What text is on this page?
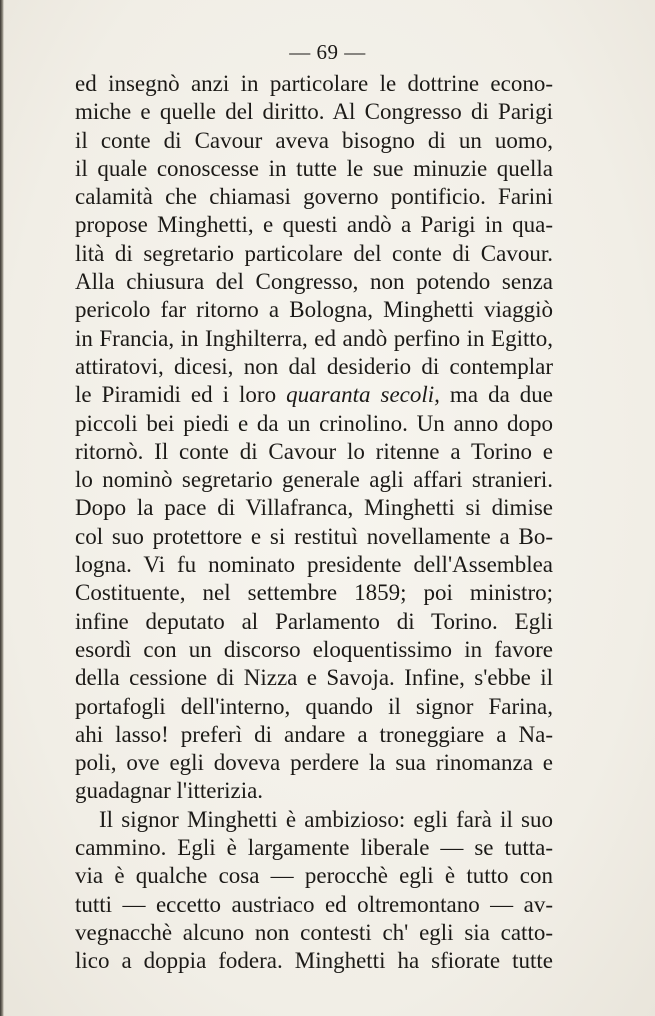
— 69 —
ed insegnò anzi in particolare le dottrine econo-
miche e quelle del diritto. Al Congresso di Parigi
il conte di Cavour aveva bisogno di un uomo,
il quale conoscesse in tutte le sue minuzie quella
calamità che chiamasi governo pontificio. Farini
propose Minghetti, e questi andò a Parigi in qua-
lità di segretario particolare del conte di Cavour.
Alla chiusura del Congresso, non potendo senza
pericolo far ritorno a Bologna, Minghetti viaggiò
in Francia, in Inghilterra, ed andò perfino in Egitto,
attiratovi, dicesi, non dal desiderio di contemplar
le Piramidi ed i loro quaranta secoli, ma da due
piccoli bei piedi e da un crinolino. Un anno dopo
ritornò. Il conte di Cavour lo ritenne a Torino e
lo nominò segretario generale agli affari stranieri.
Dopo la pace di Villafranca, Minghetti si dimise
col suo protettore e si restituì novellamente a Bo-
logna. Vi fu nominato presidente dell'Assemblea
Costituente, nel settembre 1859; poi ministro;
infine deputato al Parlamento di Torino. Egli
esordì con un discorso eloquentissimo in favore
della cessione di Nizza e Savoja. Infine, s'ebbe il
portafogli dell'interno, quando il signor Farina,
ahi lasso! preferì di andare a troneggiare a Na-
poli, ove egli doveva perdere la sua rinomanza e
guadagnar l'itterizia.
Il signor Minghetti è ambizioso: egli farà il suo
cammino. Egli è largamente liberale — se tutta-
via è qualche cosa — perocchè egli è tutto con
tutti — eccetto austriaco ed oltremontano — av-
vegnacchè alcuno non contesti ch' egli sia catto-
lico a doppia fodera. Minghetti ha sfiorate tutte
